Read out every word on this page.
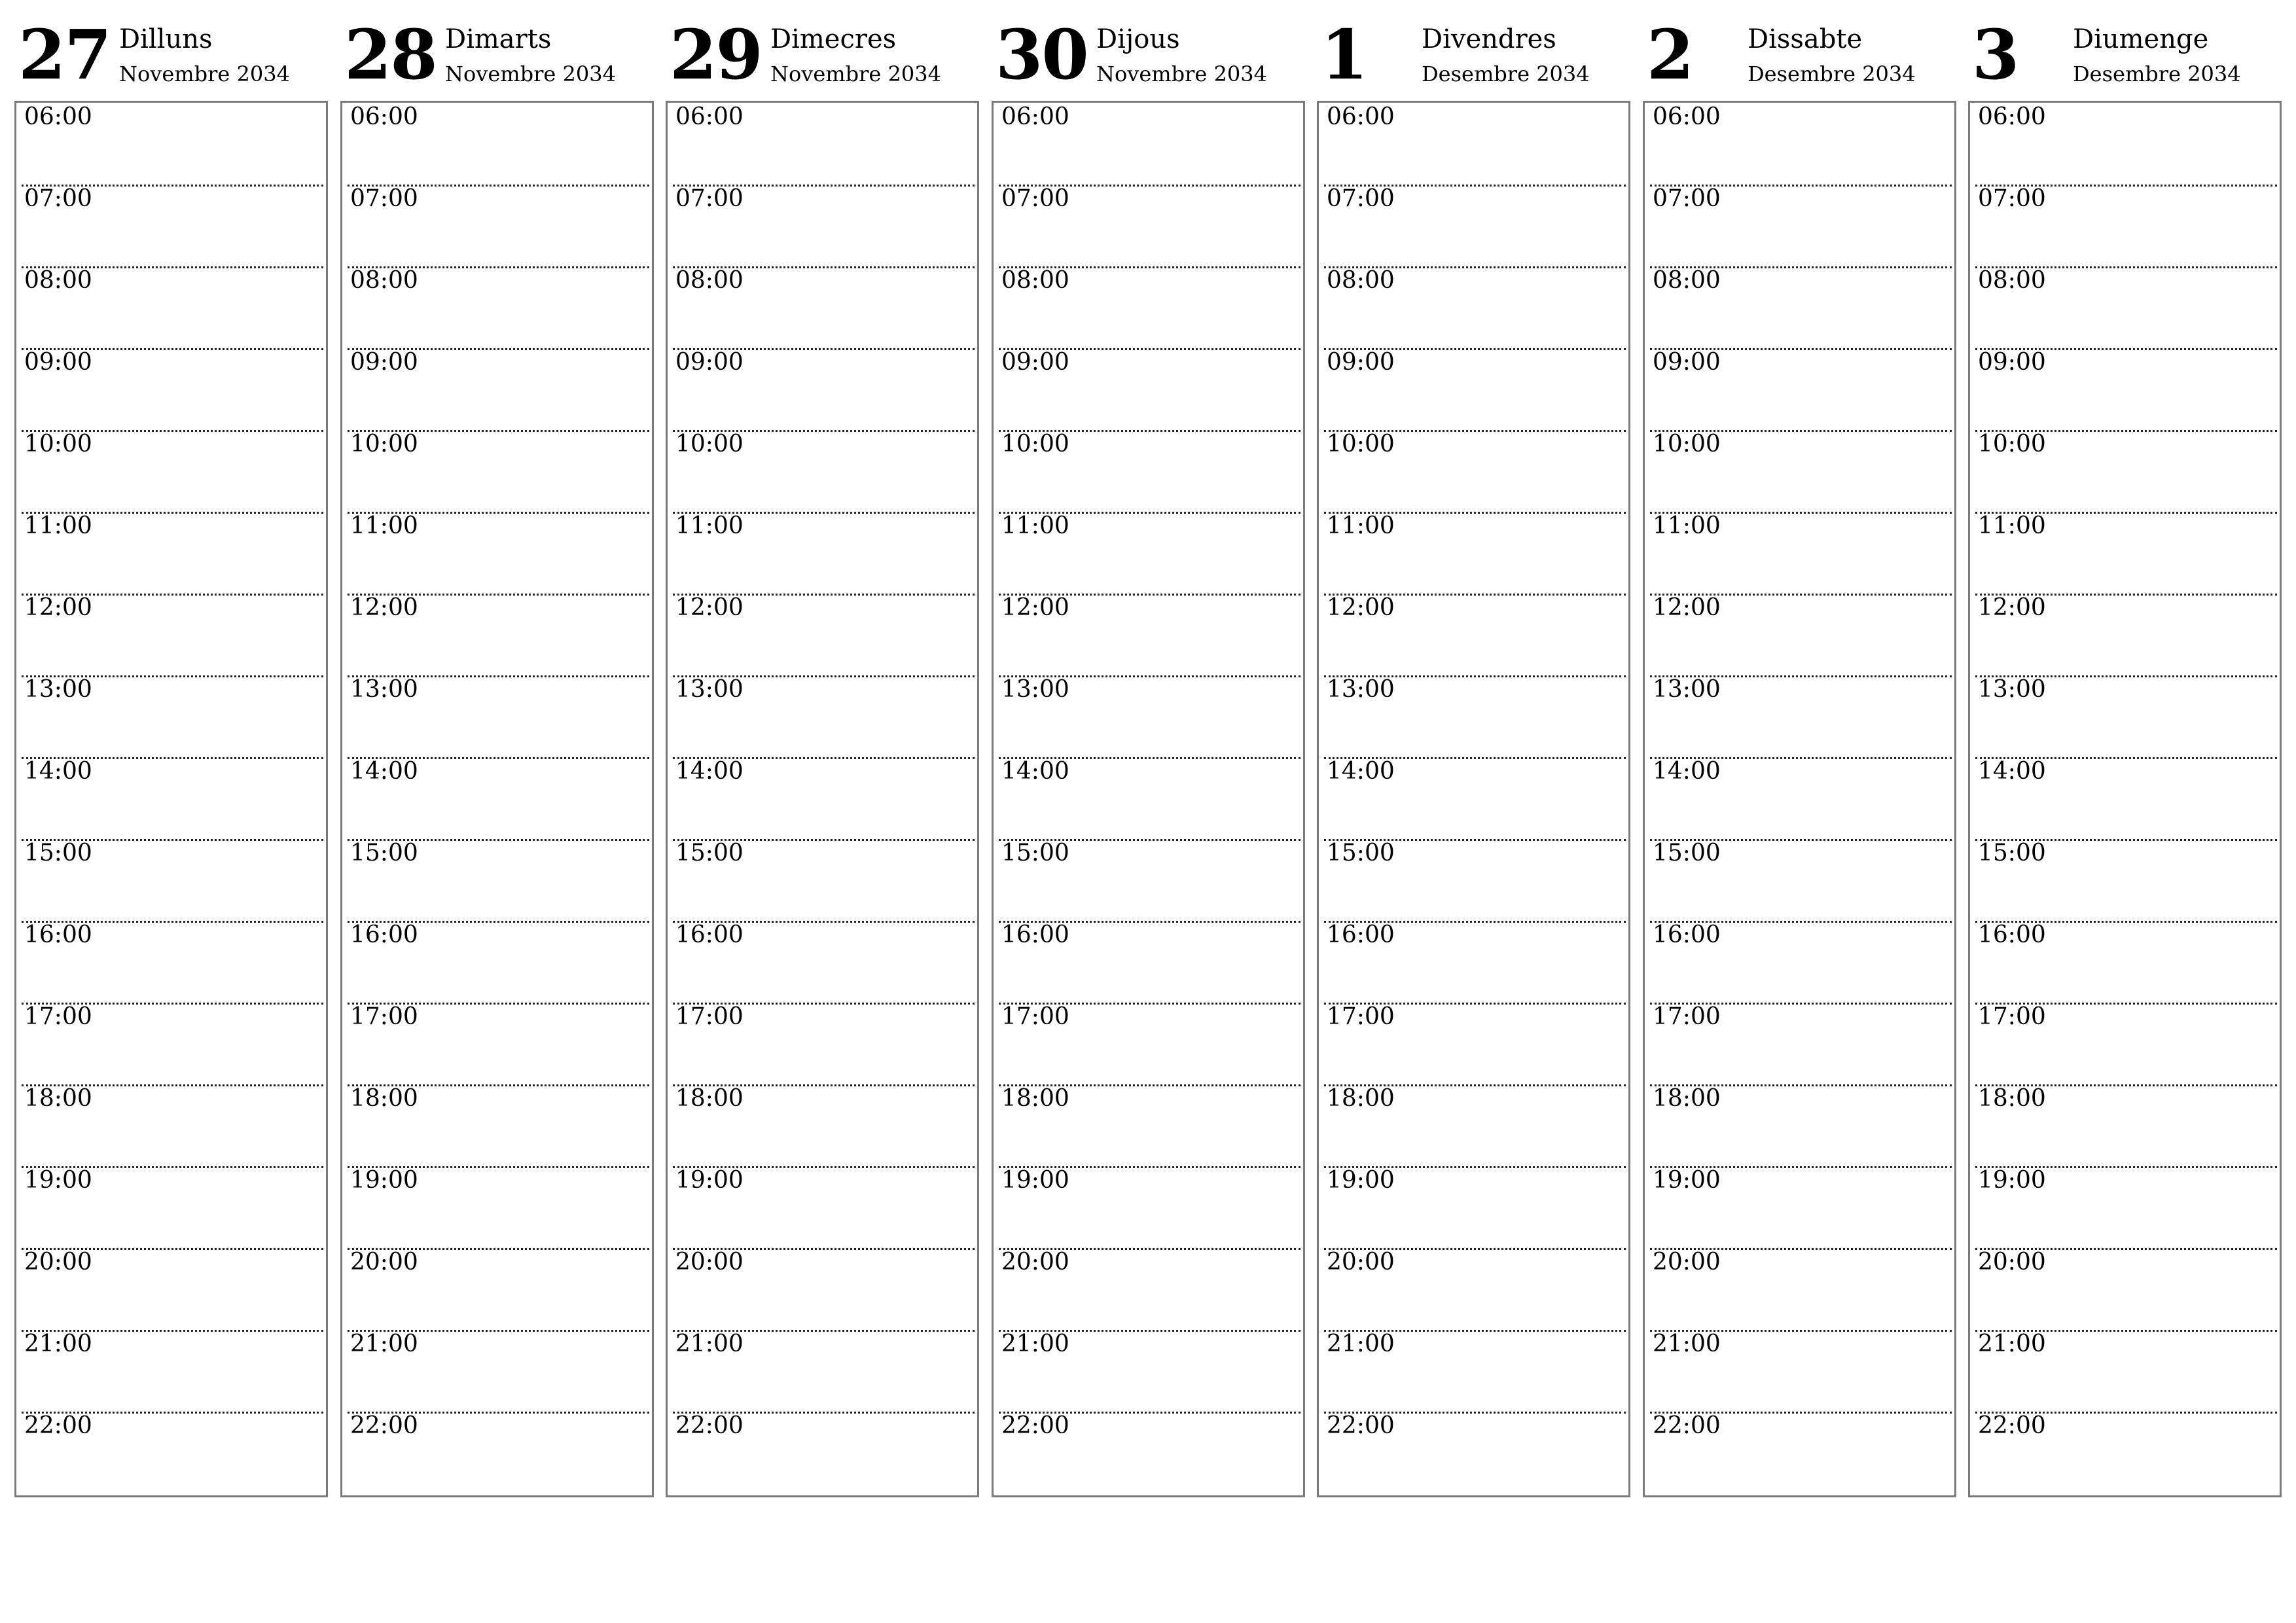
27 Dilluns
Novembre 2034
06:00
07:00
08:00
09:00
10:00
11:00
12:00
13:00
14:00
15:00
16:00
17:00
18:00
19:00
20:00
21:00
22:00
28 Dimarts
Novembre 2034
06:00
07:00
08:00
09:00
10:00
11:00
12:00
13:00
14:00
15:00
16:00
17:00
18:00
19:00
20:00
21:00
22:00
29 Dimecres
Novembre 2034
06:00
07:00
08:00
09:00
10:00
11:00
12:00
13:00
14:00
15:00
16:00
17:00
18:00
19:00
20:00
21:00
22:00
30 Dijous
Novembre 2034
06:00
07:00
08:00
09:00
10:00
11:00
12:00
13:00
14:00
15:00
16:00
17:00
18:00
19:00
20:00
21:00
22:00
1 Divendres
Desembre 2034
06:00
07:00
08:00
09:00
10:00
11:00
12:00
13:00
14:00
15:00
16:00
17:00
18:00
19:00
20:00
21:00
22:00
2 Dissabte
Desembre 2034
06:00
07:00
08:00
09:00
10:00
11:00
12:00
13:00
14:00
15:00
16:00
17:00
18:00
19:00
20:00
21:00
22:00
3 Diumenge
Desembre 2034
06:00
07:00
08:00
09:00
10:00
11:00
12:00
13:00
14:00
15:00
16:00
17:00
18:00
19:00
20:00
21:00
22:00
